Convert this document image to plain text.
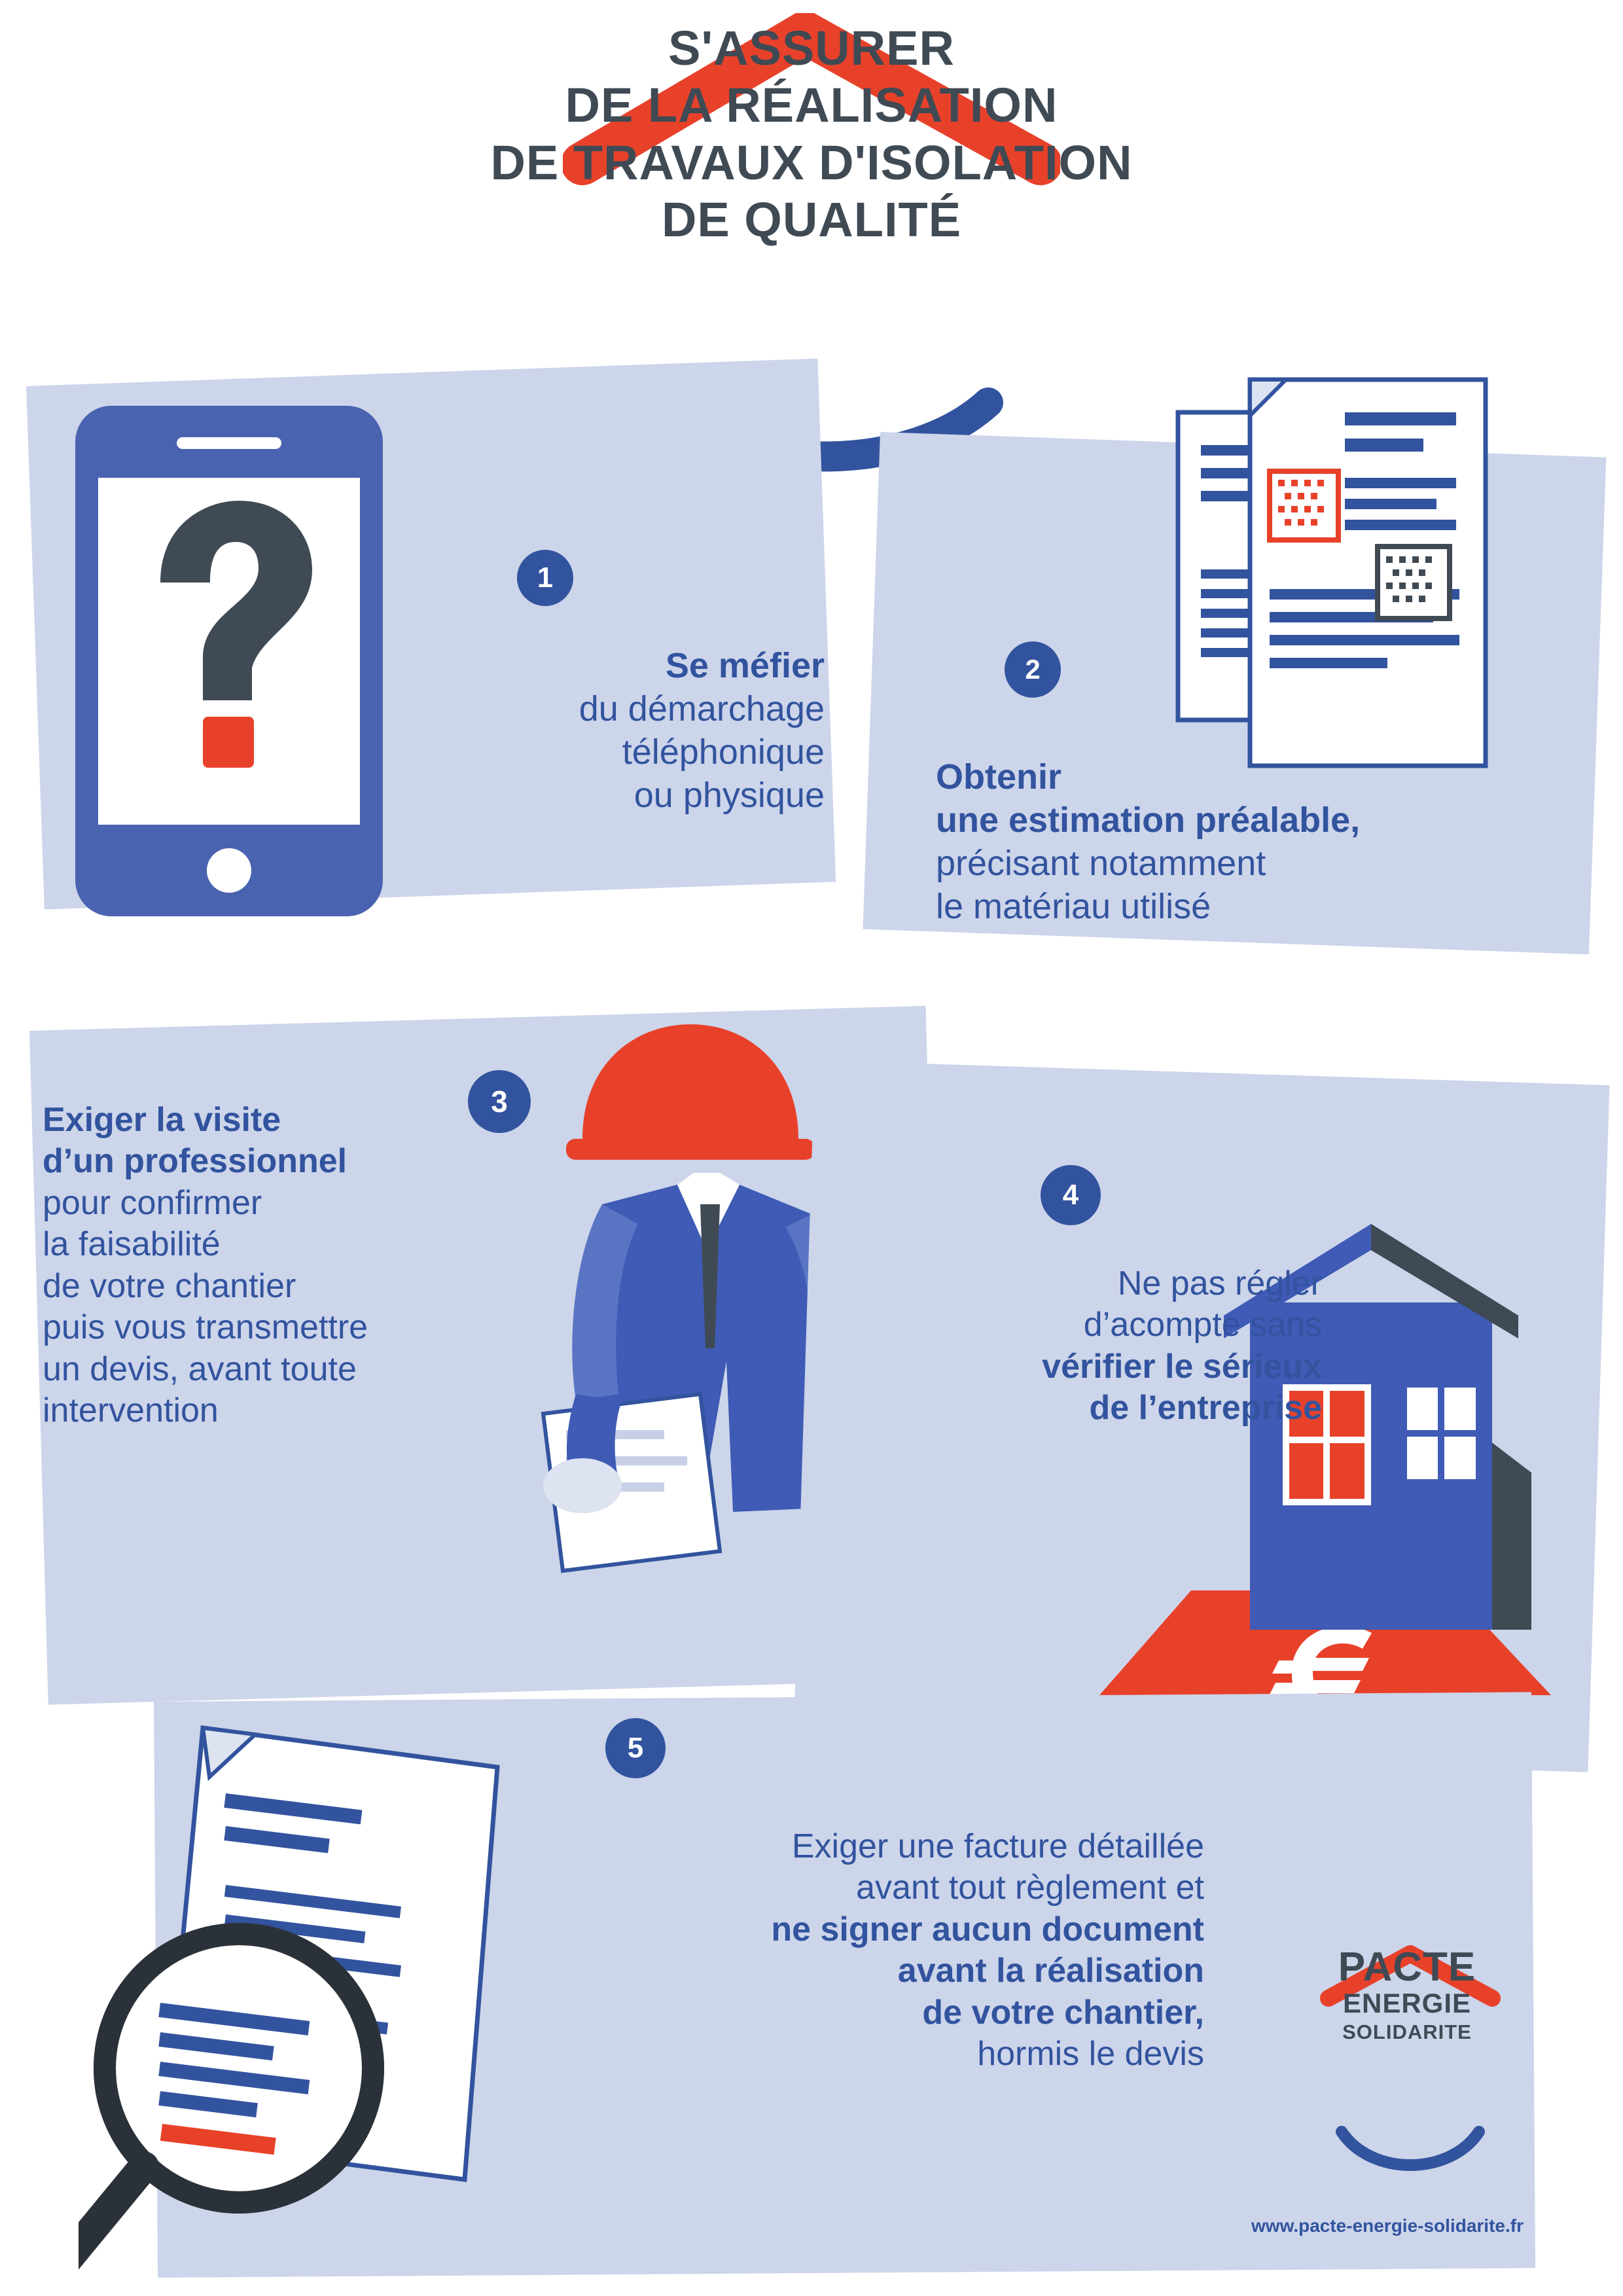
S'ASSURER
DE LA RÉALISATION
DE TRAVAUX D'ISOLATION
DE QUALITÉ
1
Se méfier
du démarchage
téléphonique
ou physique
2
Obtenir
une estimation préalable,
précisant notamment
le matériau utilisé
3
Exiger la visite
d’un professionnel
pour confirmer
la faisabilité
de votre chantier
puis vous transmettre
un devis, avant toute
intervention
4
Ne pas régler
d’acompte sans
vérifier le sérieux
de l’entreprise
5
Exiger une facture détaillée
avant tout règlement et
ne signer aucun document
avant la réalisation
de votre chantier,
hormis le devis
PACTE
ENERGIE
SOLIDARITE
www.pacte-energie-solidarite.fr
